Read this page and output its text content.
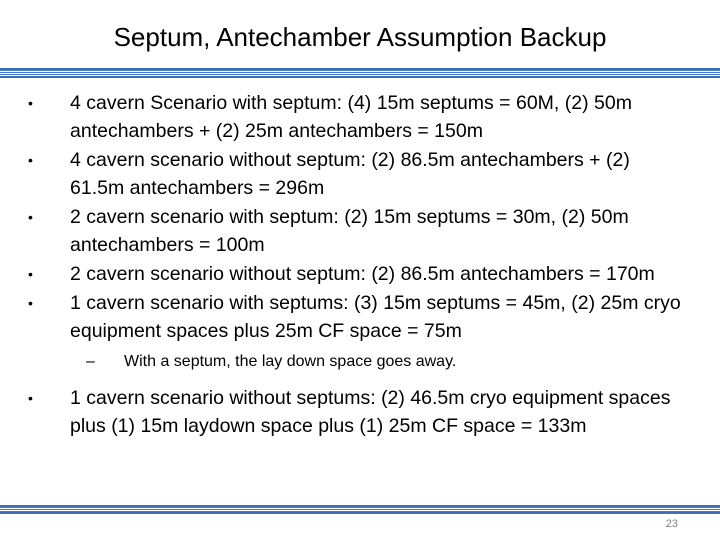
Septum, Antechamber Assumption Backup
•	4 cavern Scenario with septum: (4) 15m septums = 60M, (2) 50m antechambers + (2) 25m antechambers = 150m
•	4 cavern scenario without septum: (2) 86.5m antechambers + (2) 61.5m antechambers = 296m
•	2 cavern scenario with septum: (2) 15m septums = 30m, (2) 50m antechambers = 100m
•	2 cavern scenario without septum: (2) 86.5m antechambers = 170m
•	1 cavern scenario with septums: (3) 15m septums = 45m, (2) 25m cryo equipment spaces plus 25m CF space = 75m
– With a septum, the lay down space goes away.
•	1 cavern scenario without septums: (2) 46.5m cryo equipment spaces plus (1) 15m laydown space plus (1) 25m CF space = 133m
23
